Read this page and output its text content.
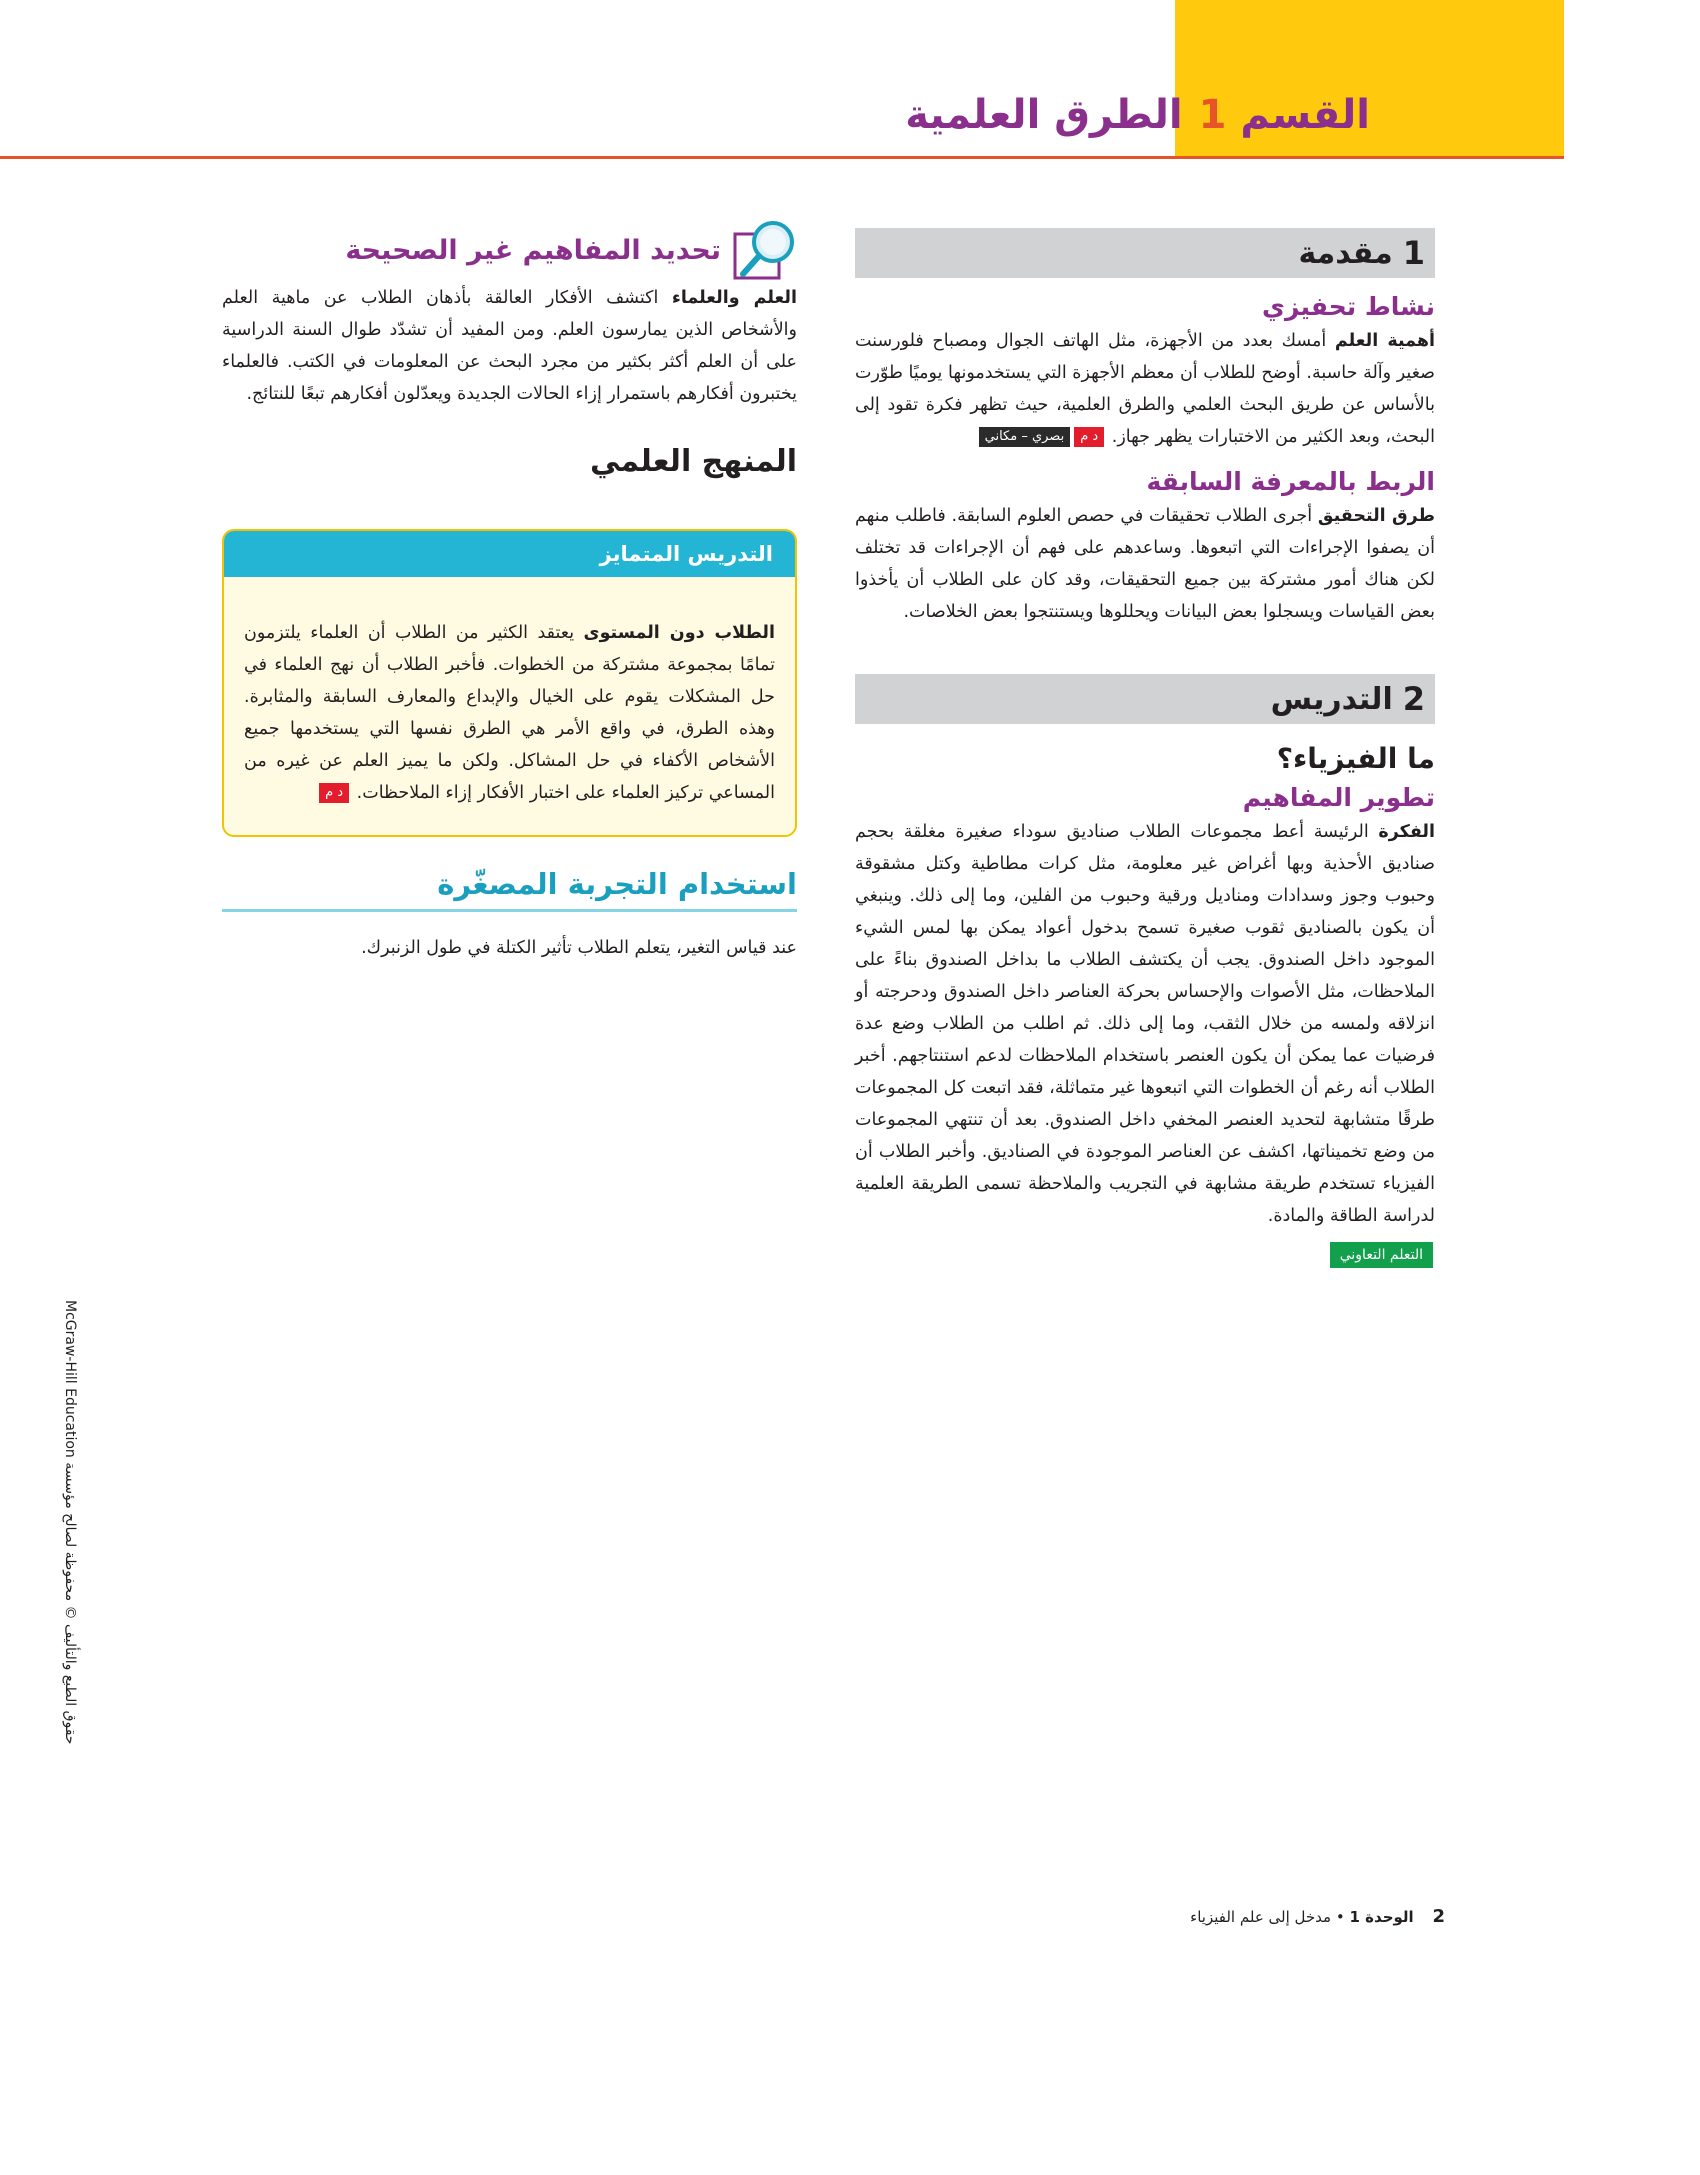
القسم1الطرق العلمية
1
مقدمة
نشاط تحفيزي

أهمية العلم أمسك بعدد من الأجهزة، مثل الهاتف الجوال ومصباح فلورسنت صغير وآلة حاسبة. أوضح للطلاب أن معظم الأجهزة التي يستخدمونها يوميًا طوّرت بالأساس عن طريق البحث العلمي والطرق العلمية، حيث تظهر فكرة تقود إلى البحث، وبعد الكثير من الاختبارات يظهر جهاز. د مبصري – مكاني

الربط بالمعرفة السابقة

طرق التحقيق أجرى الطلاب تحقيقات في حصص العلوم السابقة. فاطلب منهم أن يصفوا الإجراءات التي اتبعوها. وساعدهم على فهم أن الإجراءات قد تختلف لكن هناك أمور مشتركة بين جميع التحقيقات، وقد كان على الطلاب أن يأخذوا بعض القياسات ويسجلوا بعض البيانات ويحللوها ويستنتجوا بعض الخلاصات.

2
التدريس
ما الفيزياء؟
تطوير المفاهيم

الفكرة الرئيسة أعط مجموعات الطلاب صناديق سوداء صغيرة مغلقة بحجم صناديق الأحذية وبها أغراض غير معلومة، مثل كرات مطاطية وكتل مشقوقة وحبوب وجوز وسدادات ومناديل ورقية وحبوب من الفلين، وما إلى ذلك. وينبغي أن يكون بالصناديق ثقوب صغيرة تسمح بدخول أعواد يمكن بها لمس الشيء الموجود داخل الصندوق. يجب أن يكتشف الطلاب ما بداخل الصندوق بناءً على الملاحظات، مثل الأصوات والإحساس بحركة العناصر داخل الصندوق ودحرجته أو انزلاقه ولمسه من خلال الثقب، وما إلى ذلك. ثم اطلب من الطلاب وضع عدة فرضيات عما يمكن أن يكون العنصر باستخدام الملاحظات لدعم استنتاجهم. أخبر الطلاب أنه رغم أن الخطوات التي اتبعوها غير متماثلة، فقد اتبعت كل المجموعات طرقًا متشابهة لتحديد العنصر المخفي داخل الصندوق. بعد أن تنتهي المجموعات من وضع تخميناتها، اكشف عن العناصر الموجودة في الصناديق. وأخبر الطلاب أن الفيزياء تستخدم طريقة مشابهة في التجريب والملاحظة تسمى الطريقة العلمية لدراسة الطاقة والمادة.

التعلم التعاوني
تحديد المفاهيم غير الصحيحة

العلم والعلماء اكتشف الأفكار العالقة بأذهان الطلاب عن ماهية العلم والأشخاص الذين يمارسون العلم. ومن المفيد أن تشدّد طوال السنة الدراسية على أن العلم أكثر بكثير من مجرد البحث عن المعلومات في الكتب. فالعلماء يختبرون أفكارهم باستمرار إزاء الحالات الجديدة ويعدّلون أفكارهم تبعًا للنتائج.

المنهج العلمي
التدريس المتمايز

الطلاب دون المستوى يعتقد الكثير من الطلاب أن العلماء يلتزمون تمامًا بمجموعة مشتركة من الخطوات. فأخبر الطلاب أن نهج العلماء في حل المشكلات يقوم على الخيال والإبداع والمعارف السابقة والمثابرة. وهذه الطرق، في واقع الأمر هي الطرق نفسها التي يستخدمها جميع الأشخاص الأكفاء في حل المشاكل. ولكن ما يميز العلم عن غيره من المساعي تركيز العلماء على اختبار الأفكار إزاء الملاحظات. د م

استخدام التجربة المصغّرة

عند قياس التغير، يتعلم الطلاب تأثير الكتلة في طول الزنبرك.

حقوق الطبع والتأليف © محفوظة لصالح مؤسسة McGraw-Hill Education
2 الوحدة 1 • مدخل إلى علم الفيزياء
